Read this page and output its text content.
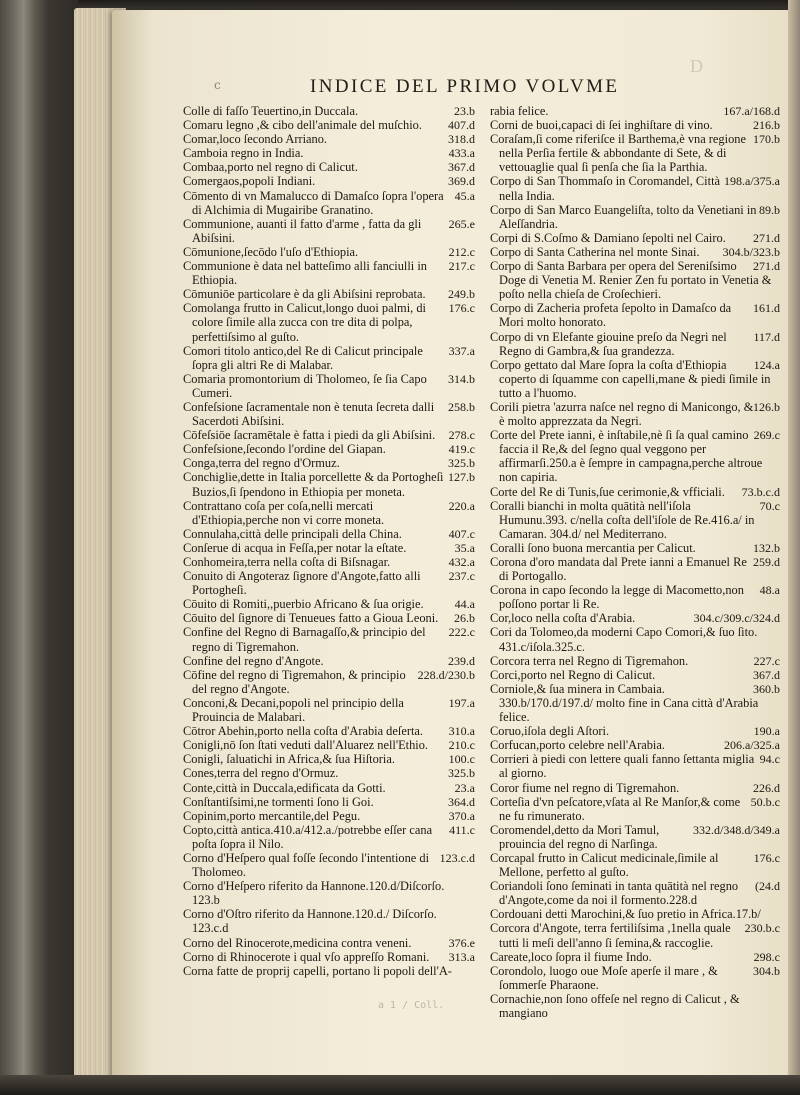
c	INDICE DEL PRIMO VOLVME
D
23.b
Colle di faſſo Teuertino,in Duccala.
407.d
Comaru legno ,& cibo dell'animale del muſchio.
318.d
Comar,loco ſecondo Arriano.
433.a
Camboia regno in India.
367.d
Combaa,porto nel regno di Calicut.
369.d
Comergaos,popoli Indiani.
45.a
Cōmento di vn Mamalucco di Damaſco ſopra l'opera di Alchimia di Mugairibe Granatino.
265.e
Communione, auanti il fatto d'arme , fatta da gli Abiſsini.
212.c
Cōmunione,ſecōdo l'uſo d'Ethiopia.
217.c
Communione è data nel batteſimo alli fanciulli in Ethiopia.
249.b
Cōmuniōe particolare è da gli Abiſsini reprobata.
176.c
Comolanga frutto in Calicut,longo duoi palmi, di colore ſimile alla zucca con tre dita di polpa, perfettiſsimo al guſto.
337.a
Comori titolo antico,del Re di Calicut principale ſopra gli altri Re di Malabar.
314.b
Comaria promontorium di Tholomeo, ſe ſia Capo Cumeri.
258.b
Confeſsione ſacramentale non è tenuta ſecreta dalli Sacerdoti Abiſsini.
278.c
Cōfeſsiōe ſacramētale è fatta i piedi da gli Abiſsini.
419.c
Confeſsione,ſecondo l'ordine del Giapan.
325.b
Conga,terra del regno d'Ormuz.
127.b
Conchiglie,dette in Italia porcellette & da Portogheſi Buzios,ſi ſpendono in Ethiopia per moneta.
220.a
Contrattano coſa per coſa,nelli mercati d'Ethiopia,perche non vi corre moneta.
407.c
Connulaha,città delle principali della China.
35.a
Conſerue di acqua in Feſſa,per notar la eſtate.
432.a
Conhomeira,terra nella coſta di Biſsnagar.
237.c
Conuito di Angoteraz ſignore d'Angote,fatto alli Portogheſi.
44.a
Cōuito di Romiti,,puerbio Africano & ſua origie.
26.b
Cōuito del ſignore di Tenueues fatto a Gioua Leoni.
222.c
Confine del Regno di Barnagaſſo,& principio del regno di Tigremahon.
239.d
Confine del regno d'Angote.
228.d/230.b
Cōfine del regno di Tigremahon, & principio del regno d'Angote.
197.a
Conconi,& Decani,popoli nel principio della Prouincia de Malabari.
310.a
Cōtror Abehin,porto nella coſta d'Arabia deſerta.
210.c
Conigli,nō ſon ſtati veduti dall'Aluarez nell'Ethio.
100.c
Conigli, ſaluatichi in Africa,& ſua Hiſtoria.
325.b
Cones,terra del regno d'Ormuz.
23.a
Conte,città in Duccala,edificata da Gotti.
364.d
Conſtantiſsimi,ne tormenti ſono li Goi.
370.a
Copinim,porto mercantile,del Pegu.
411.c
Copto,città antica.410.a/412.a./potrebbe eſſer cana poſta ſopra il Nilo.
123.c.d
Corno d'Heſpero qual foſſe ſecondo l'intentione di Tholomeo.
Corno d'Heſpero riferito da Hannone.120.d/Diſcorſo. 123.b
Corno d'Oſtro riferito da Hannone.120.d./ Diſcorſo. 123.c.d
376.e
Corno del Rinocerote,medicina contra veneni.
313.a
Corno di Rhinocerote i qual vſo appreſſo Romani.
Corna fatte de proprij capelli, portano li popoli dell'A-
167.a/168.d
rabia felice.
216.b
Corni de buoi,capaci di ſei inghiſtare di vino.
170.b
Coraſam,ſi come riferiſce il Barthema,è vna regione nella Perſia fertile & abbondante di Sete, & di vettouaglie qual ſi penſa che ſia la Parthia.
198.a/375.a
Corpo di San Thommaſo in Coromandel, Città nella India.
89.b
Corpo di San Marco Euangeliſta, tolto da Venetiani in Aleſſandria.
271.d
Corpi di S.Coſmo & Damiano ſepolti nel Cairo.
304.b/323.b
Corpo di Santa Catherina nel monte Sinai.
271.d
Corpo di Santa Barbara per opera del Sereniſsimo Doge di Venetia M. Renier Zen fu portato in Venetia & poſto nella chieſa de Croſechieri.
161.d
Corpo di Zacheria profeta ſepolto in Damaſco da Mori molto honorato.
117.d
Corpo di vn Elefante giouine preſo da Negri nel Regno di Gambra,& ſua grandezza.
124.a
Corpo gettato dal Mare ſopra la coſta d'Ethiopia coperto di ſquamme con capelli,mane & piedi ſimile in tutto a l'huomo.
126.b
Corili pietra 'azurra naſce nel regno di Manicongo, & è molto apprezzata da Negri.
269.c
Corte del Prete ianni, è inſtabile,nè ſi ſa qual camino faccia il Re,& del ſegno qual veggono per affirmarſi.250.a è ſempre in campagna,perche altroue non capiria.
73.b.c.d
Corte del Re di Tunis,ſue cerimonie,& vfficiali.
70.c
Coralli bianchi in molta quātità nell'iſola Humunu.393. c/nella coſta dell'iſole de Re.416.a/ in Camaran. 304.d/ nel Mediterrano.
132.b
Coralli ſono buona mercantia per Calicut.
259.d
Corona d'oro mandata dal Prete ianni a Emanuel Re di Portogallo.
48.a
Corona in capo ſecondo la legge di Macometto,non poſſono portar li Re.
304.c/309.c/324.d
Cor,loco nella coſta d'Arabia.
Cori da Tolomeo,da moderni Capo Comori,& ſuo ſito. 431.c/iſola.325.c.
227.c
Corcora terra nel Regno di Tigremahon.
367.d
Corci,porto nel Regno di Calicut.
360.b
Corniole,& ſua minera in Cambaia. 330.b/170.d/197.d/ molto fine in Cana città d'Arabia felice.
190.a
Coruo,iſola degli Aſtori.
206.a/325.a
Corfucan,porto celebre nell'Arabia.
94.c
Corrieri à piedi con lettere quali fanno ſettanta miglia al giorno.
226.d
Coror fiume nel regno di Tigremahon.
50.b.c
Corteſia d'vn peſcatore,vſata al Re Manſor,& come ne fu rimunerato.
332.d/348.d/349.a
Coromendel,detto da Mori Tamul, prouincia del regno di Narſinga.
176.c
Corcapal frutto in Calicut medicinale,ſimile al Mellone, perfetto al guſto.
(24.d
Coriandoli ſono ſeminati in tanta quātità nel regno d'Angote,come da noi il formento.228.d
Cordouani detti Marochini,& ſuo pretio in Africa.17.b/
230.b.c
Corcora d'Angote, terra fertiliſsima ,1nella quale tutti li meſi dell'anno ſi ſemina,& raccoglie.
298.c
Careate,loco ſopra il fiume Indo.
304.b
Corondolo, luogo oue Moſe aperſe il mare , & ſommerſe Pharaone.
Cornachie,non ſono offeſe nel regno di Calicut , & mangiano
a 1 / Coll.
